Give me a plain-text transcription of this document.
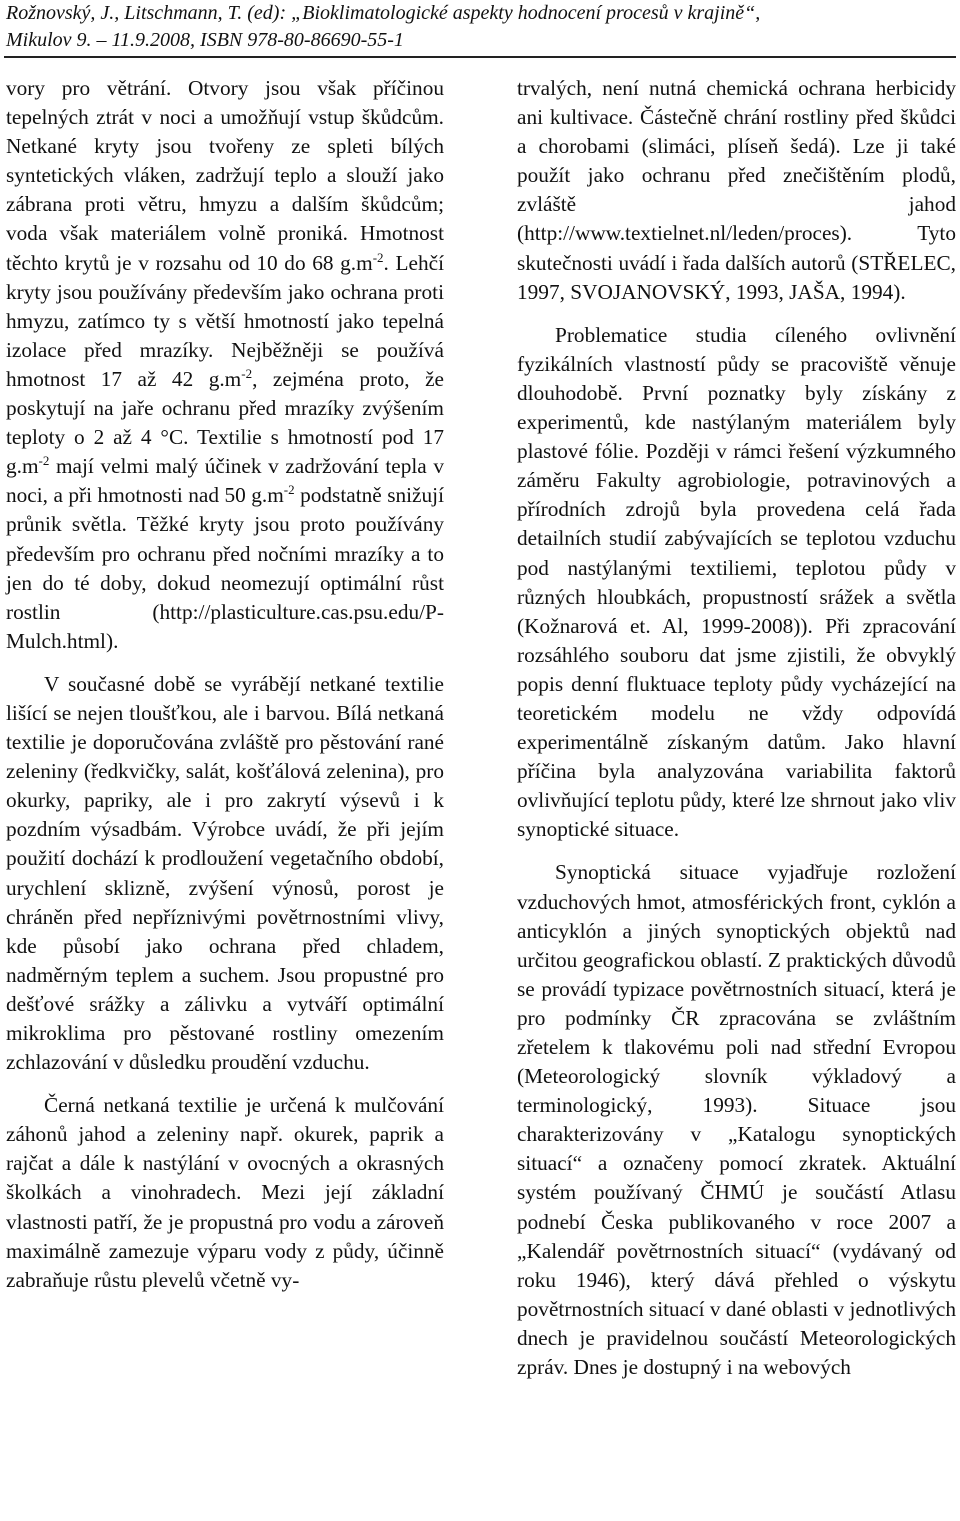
Rožnovský, J., Litschmann, T. (ed): „Bioklimatologické aspekty hodnocení procesů v krajině“,
Mikulov 9. – 11.9.2008, ISBN 978-80-86690-55-1

vory pro větrání. Otvory jsou však příčinou tepelných ztrát v noci a umožňují vstup škůdcům. Netkané kryty jsou tvořeny ze spleti bílých syntetických vláken, zadržují teplo a slouží jako zábrana proti větru, hmyzu a dalším škůdcům; voda však materiálem volně proniká. Hmotnost těchto krytů je v rozsahu od 10 do 68 $g.m^{-2}$. Lehčí kryty jsou používány především jako ochrana proti hmyzu, zatímco ty s větší hmotností jako tepelná izolace před mrazíky. Nejběžněji se používá hmotnost 17 až 42 $g.m^{-2}$, zejména proto, že poskytují na jaře ochranu před mrazíky zvýšením teploty o 2 až 4 °C. Textilie s hmotností pod 17 $g.m^{-2}$ mají velmi malý účinek v zadržování tepla v noci, a při hmotnosti nad 50 $g.m^{-2}$ podstatně snižují průnik světla. Těžké kryty jsou proto používány především pro ochranu před nočními mrazíky a to jen do té doby, dokud neomezují optimální růst rostlin (http://plasticulture.cas.psu.edu/P-Mulch.html).

V současné době se vyrábějí netkané textilie lišící se nejen tloušťkou, ale i barvou. Bílá netkaná textilie je doporučována zvláště pro pěstování rané zeleniny (ředkvičky, salát, košťálová zelenina), pro okurky, papriky, ale i pro zakrytí výsevů i k pozdním výsadbám. Výrobce uvádí, že při jejím použití dochází k prodloužení vegetačního období, urychlení sklizně, zvýšení výnosů, porost je chráněn před nepříznivými povětrnostními vlivy, kde působí jako ochrana před chladem, nadměrným teplem a suchem. Jsou propustné pro dešťové srážky a zálivku a vytváří optimální mikroklima pro pěstované rostliny omezením zchlazování v důsledku proudění vzduchu.

Černá netkaná textilie je určená k mulčování záhonů jahod a zeleniny např. okurek, paprik a rajčat a dále k nastýlání v ovocných a okrasných školkách a vinohradech. Mezi její základní vlastnosti patří, že je propustná pro vodu a zároveň maximálně zamezuje výparu vody z půdy, účinně zabraňuje růstu plevelů včetně vy-

trvalých, není nutná chemická ochrana herbicidy ani kultivace. Částečně chrání rostliny před škůdci a chorobami (slimáci, plíseň šedá). Lze ji také použít jako ochranu před znečištěním plodů, zvláště jahod (http://www.textielnet.nl/leden/proces). Tyto skutečnosti uvádí i řada dalších autorů (STŘELEC, 1997, SVOJANOVSKÝ, 1993, JAŠA, 1994).

Problematice studia cíleného ovlivnění fyzikálních vlastností půdy se pracoviště věnuje dlouhodobě. První poznatky byly získány z experimentů, kde nastýlaným materiálem byly plastové fólie. Později v rámci řešení výzkumného záměru Fakulty agrobiologie, potravinových a přírodních zdrojů byla provedena celá řada detailních studií zabývajících se teplotou vzduchu pod nastýlanými textiliemi, teplotou půdy v různých hloubkách, propustností srážek a světla (Kožnarová et. Al, 1999-2008)). Při zpracování rozsáhlého souboru dat jsme zjistili, že obvyklý popis denní fluktuace teploty půdy vycházející na teoretickém modelu ne vždy odpovídá experimentálně získaným datům. Jako hlavní příčina byla analyzována variabilita faktorů ovlivňující teplotu půdy, které lze shrnout jako vliv synoptické situace.

Synoptická situace vyjadřuje rozložení vzduchových hmot, atmosférických front, cyklón a anticyklón a jiných synoptických objektů nad určitou geografickou oblastí. Z praktických důvodů se provádí typizace povětrnostních situací, která je pro podmínky ČR zpracována se zvláštním zřetelem k tlakovému poli nad střední Evropou (Meteorologický slovník výkladový a terminologický, 1993). Situace jsou charakterizovány v „Katalogu synoptických situací“ a označeny pomocí zkratek. Aktuální systém používaný ČHMÚ je součástí Atlasu podnebí Česka publikovaného v roce 2007 a „Kalendář povětrnostních situací“ (vydávaný od roku 1946), který dává přehled o výskytu povětrnostních situací v dané oblasti v jednotlivých dnech je pravidelnou součástí Meteorologických zpráv. Dnes je dostupný i na webových
